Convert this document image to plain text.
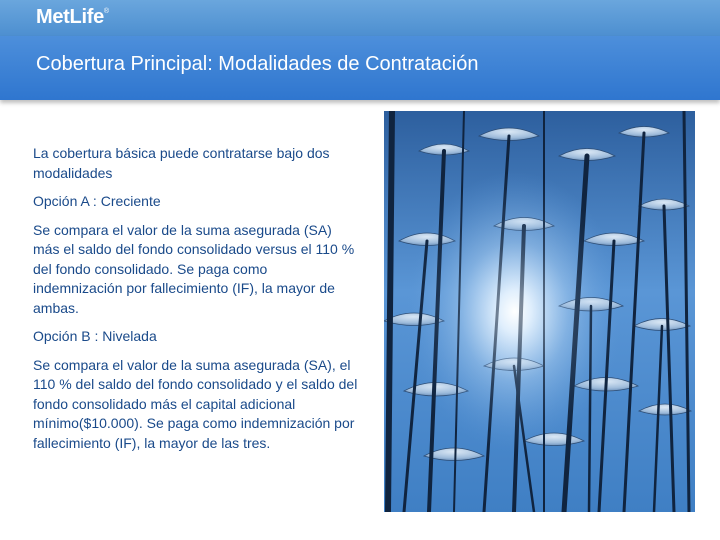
MetLife®
Cobertura Principal: Modalidades de Contratación

La cobertura básica puede contratarse bajo dos modalidades

Opción A : Creciente

Se compara el valor de la suma asegurada (SA) más el saldo del fondo consolidado versus el 110 % del fondo consolidado. Se paga como indemnización por fallecimiento (IF), la mayor de ambas.

Opción B : Nivelada

Se compara el valor de la suma asegurada (SA), el 110 % del saldo del fondo consolidado y el saldo del fondo consolidado más el capital adicional mínimo($10.000). Se paga como indemnización por fallecimiento (IF), la mayor de las tres.
